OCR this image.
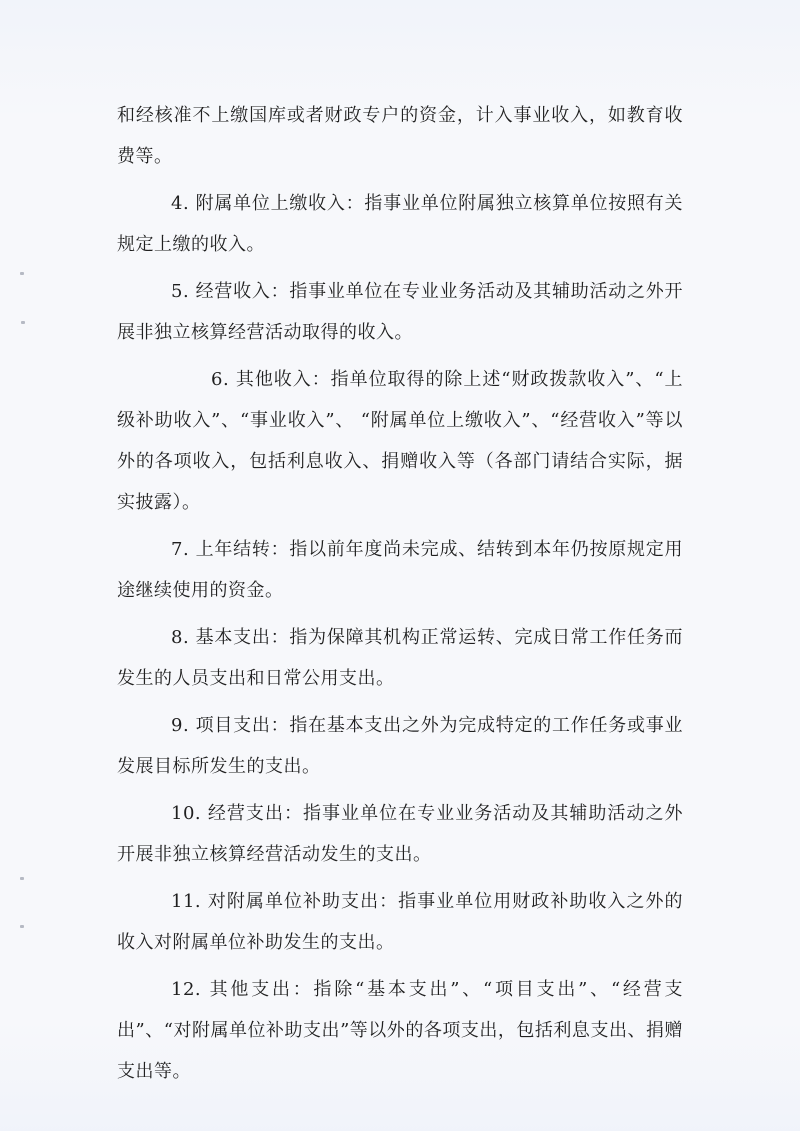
和经核准不上缴国库或者财政专户的资金，计入事业收入，如教育收费等。

4. 附属单位上缴收入：指事业单位附属独立核算单位按照有关规定上缴的收入。

5. 经营收入：指事业单位在专业业务活动及其辅助活动之外开展非独立核算经营活动取得的收入。

6. 其他收入：指单位取得的除上述“财政拨款收入”、“上级补助收入”、“事业收入”、 “附属单位上缴收入”、“经营收入”等以外的各项收入，包括利息收入、捐赠收入等（各部门请结合实际，据实披露）。

7. 上年结转：指以前年度尚未完成、结转到本年仍按原规定用途继续使用的资金。

8. 基本支出：指为保障其机构正常运转、完成日常工作任务而发生的人员支出和日常公用支出。

9. 项目支出：指在基本支出之外为完成特定的工作任务或事业发展目标所发生的支出。

10. 经营支出：指事业单位在专业业务活动及其辅助活动之外开展非独立核算经营活动发生的支出。

11. 对附属单位补助支出：指事业单位用财政补助收入之外的收入对附属单位补助发生的支出。

12. 其他支出：指除“基本支出”、“项目支出”、“经营支出”、“对附属单位补助支出”等以外的各项支出，包括利息支出、捐赠支出等。
